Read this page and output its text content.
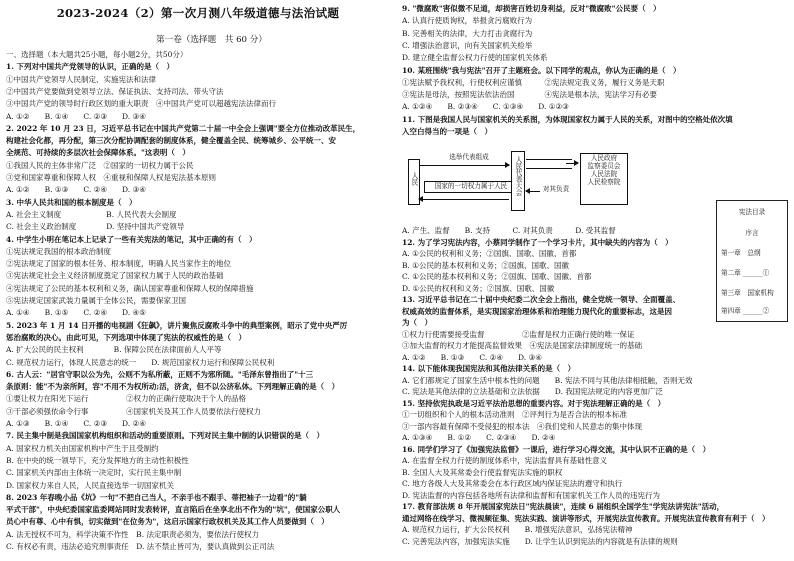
2023-2024（2）第一次月测八年级道德与法治试题
第一卷（选择题　共 60 分）
一、选择题（本大题共25小题，每小题2分，共50分）
1. 下列对中国共产党领导的认识，正确的是（　）
①中国共产党领导人民制定、实施宪法和法律
②中国共产党要做到党领导立法、保证执法、支持司法、带头守法
③中国共产党的领导时行政区划的重大职责　④中国共产党可以超越宪法法律而行
A. ①②　　B. ①④　　C. ②③　　D. ③④
2. 2022 年 10 月 23 日，习近平总书记在中国共产党第二十届一中全会上强调"要全方位推动改革民生，
构建社会化都，再分配，第三次分配协调配套的制度体系，健全覆盖全民、统筹城乡、公平统一、安
全规范、可持续的多层次社会保障体系。"这表明（　）
①我国人民的主体非常广泛　②国家的一切权力属于公民
③党和国家尊重和保障人权　④重视和保障人权是宪法基本原则
A. ①②　　B. ①③　　C. ②④　　D. ③④
3. 中华人民共和国的根本制度是（　）
A. 社会主义制度　　　　　　B. 人民代表大会制度
C. 社会主义政治制度　　　　D. 坚持中国共产党领导
4. 中学生小明在笔记本上记录了一些有关宪法的笔记，其中正确的有（　）
①宪法规定我国的根本政治制度
②宪法规定了国家的根本任务、根本制度，明确人民当家作主的地位
③宪法规定社会主义经济制度奠定了国家权力属于人民的政治基础
④宪法规定了公民的基本权利和义务，确认国家尊重和保障人权的保障措施
⑤宪法规定国家武装力量属于全体公民，需要保家卫国
A. ①④　　B. ①⑤　　C. ②④　　D. ④⑤
5. 2023 年 1 月 14 日开播的电视剧《狂飙》，讲片聚焦反腐败斗争中的典型案例，昭示了党中央严厉
惩治腐败的决心。由此可见，下列选项中体现了宪法的权威性的是（　）
A. 扩大公民的民主权利　　　　B. 保障公民在法律面前人人平等
C. 规范权力运行，体现人民意志的统一　　D. 规范国家权力运行和保障公民权利
6. 古人云："居官守职以公为先，公则不为私所蔽，正则不为邪所随。"毛泽东曾指出了"十三
条原则：能"不为亲所阿，容"不用不为权所动;活，济贪，但不以公济私体。下列理解正确的是（　）
①要让权力在阳光下运行　　　　　②权力的正确行使取决于个人的品格
③干部必须强依命令行事　　　　　④国家机关及其工作人员要依法行使权力
A. ①③　　B. ①④　　C. ②③　　D. ②④
7. 民主集中制是我国国家机构组织和活动的重要原则。下列对民主集中制的认识错误的是（　）
A. 国家权力机关由国家机构中产生于且受制约
B. 在中央的统一领导下，充分发挥地方的主动性积极性
C. 国家机关内部由主体统一决定时，实行民主集中制
D. 国家权力来自人民，人民直接选举一切国家机关
8. 2023 年春晚小品《坑》一句"不把自己当人，不亲手也不跟手、蒂把袖子一边看"的"躺
平式干部"，中央纪委国家监委网站同时发表转评，直言陷后在坐享北出不作为的"坑"，使国家公职人
员心中有尊、心中有惧，切实做到"在位务为"，这启示国家行政权机关及其工作人员要做到（　）
A. 法无授权不可为，科学决策不作性　B. 法定职责必须为，要依法行使权力
C. 有权必有责，违法必追究刑事责任　D. 法不禁止皆可为，要认真做到公正司法
9. "微腐败"害似微不足道，却损害百姓切身利益，反对"微腐败"公民要（　）
A. 认真行使质询权，举报贪污腐败行为
B. 完善相关的法律，大力打击贪腐行为
C. 增强法治意识，向有关国家机关检举
D. 建立健全监督公权力行使的国家机关体系
10. 某班围绕"我与宪法"召开了主题班会。以下同学的观点，你认为正确的是（　）
①宪法赋予我权利，行使权利应谨慎　　　②宪法规定我义务，履行义务是天职
③宪法是母法，按照宪法依法治国　　　　④宪法是根本法，宪法学习有必要
A. ①②④　　B. ②③④　　C. ①③④　　D. ①②③
11. 下图是我国人民与国家机关的关系图，为体现国家权力属于人民的关系，对图中的空格处依次填
入空白得当的一项是（　）
人民
选举代表组成
国家的一切权力属于人民	人民代表大会	对其负责
人民政府
监察委员会
人民法院
人民检察院
A. 产生、监督　　B. 支持　　　C. 对其负责　　　D. 受其监督
12. 为了学习宪法内容，小蔡同学制作了一个学习卡片，其中缺失的内容为（　）
A. ①公民的权利和义务；②国旗、国歌、国徽、首都
B. ①公民的基本权利和义务；②国旗、国歌、国徽
C. ①公民的基本权利和义务；②国旗、国歌、国徽、首都
D. ①公民的权利和义务；②国旗、国歌、国徽
13. 习近平总书记在二十届中央纪委二次全会上指出，健全党统一领导、全面覆盖、
权威高效的监督体系，是实现国家治理体系和治理能力现代化的重要标志，这是因
为（　）
①权力行使需要接受监督　　　　　②监督是权力正确行使的唯一保证
③加大监督的权力才能提高监督效果　④宪法是国家法律制度统一的基础
A. ①②　　B. ①③　　C. ②④　　D. ③④
14. 以下能体现我国宪法和其他法律关系的是（　）
A. 它们都规定了国家生活中根本性的问题　　B. 宪法不同与其他法律相抵触，否则无效
C. 宪法是其他法律的立法基础和立法依据　　D. 我国宪法规定的内容更加广泛
15. 坚持依宪执政是习近平法治思想的重要内容。对于宪法理解正确的是（　）
①一切组织和个人的根本活动准则　②评判行为是否合法的根本标准
③一部内容最有保障不受侵犯的根本法　④我们党和人民意志的集中体现
A. ①③④　　B. ①②　　C. ②③④　　D. ②④
16. 同学们学习了《加强宪法监督》一课后，进行学习心得交流，其中认识不正确的是（　）
A. 在监督全权力行使的制度体系中，宪法监督具有基础性意义
B. 全国人大及其常委会行使监督宪法实施的职权
C. 地方各级人大及其常委会在本行政区域内保证宪法的遵守和执行
D. 宪法监督的内容包括各地所有法律和监督和有国家机关工作人员的违宪行为
17. 教育部法规 8 年开展国家宪法日"宪法晨读"，连续 6 届组织全国学生"学宪法讲宪法"活动，
通过网络在线学习、微视频征集、宪法实践、演讲等形式，开展宪法宣传教育。开展宪法宣传教育有利于（　）
A. 规范权力运行，扩大公民权利　　B. 增强宪法意识，弘扬宪法精神
C. 完善宪法内容，加强宪法实施　　D. 让学生认识到宪法的内容就是有法律的规则
宪法目录
序言
第一章　 总纲
第二章 ______①
第三章　 国家机构
第四章 ______②
